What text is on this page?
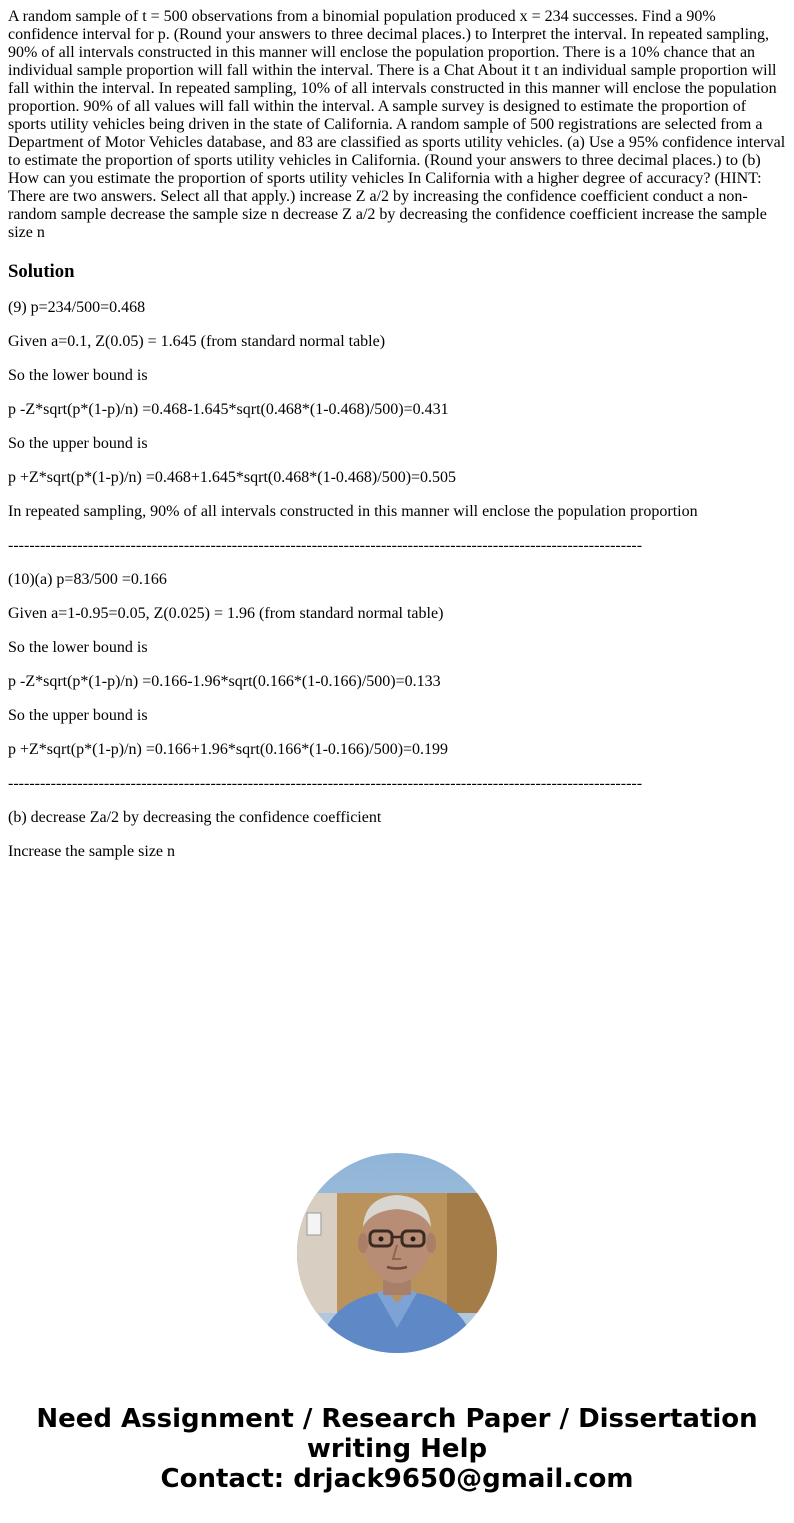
A random sample of t = 500 observations from a binomial population produced x = 234 successes. Find a 90% confidence interval for p. (Round your answers to three decimal places.) to Interpret the interval. In repeated sampling, 90% of all intervals constructed in this manner will enclose the population proportion. There is a 10% chance that an individual sample proportion will fall within the interval. There is a Chat About it t an individual sample proportion will fall within the interval. In repeated sampling, 10% of all intervals constructed in this manner will enclose the population proportion. 90% of all values will fall within the interval. A sample survey is designed to estimate the proportion of sports utility vehicles being driven in the state of California. A random sample of 500 registrations are selected from a Department of Motor Vehicles database, and 83 are classified as sports utility vehicles. (a) Use a 95% confidence interval to estimate the proportion of sports utility vehicles in California. (Round your answers to three decimal places.) to (b) How can you estimate the proportion of sports utility vehicles In California with a higher degree of accuracy? (HINT: There are two answers. Select all that apply.) increase Z a/2 by increasing the confidence coefficient conduct a non-random sample decrease the sample size n decrease Z a/2 by decreasing the confidence coefficient increase the sample size n

Solution

(9) p=234/500=0.468

Given a=0.1, Z(0.05) = 1.645 (from standard normal table)

So the lower bound is

p -Z*sqrt(p*(1-p)/n) =0.468-1.645*sqrt(0.468*(1-0.468)/500)=0.431

So the upper bound is

p +Z*sqrt(p*(1-p)/n) =0.468+1.645*sqrt(0.468*(1-0.468)/500)=0.505

In repeated sampling, 90% of all intervals constructed in this manner will enclose the population proportion

-----------------------------------------------------------------------------------------------------------------------

(10)(a) p=83/500 =0.166

Given a=1-0.95=0.05, Z(0.025) = 1.96 (from standard normal table)

So the lower bound is

p -Z*sqrt(p*(1-p)/n) =0.166-1.96*sqrt(0.166*(1-0.166)/500)=0.133

So the upper bound is

p +Z*sqrt(p*(1-p)/n) =0.166+1.96*sqrt(0.166*(1-0.166)/500)=0.199

-----------------------------------------------------------------------------------------------------------------------

(b) decrease Za/2 by decreasing the confidence coefficient

Increase the sample size n

Need Assignment / Research Paper / Dissertation
writing Help
Contact: drjack9650@gmail.com
